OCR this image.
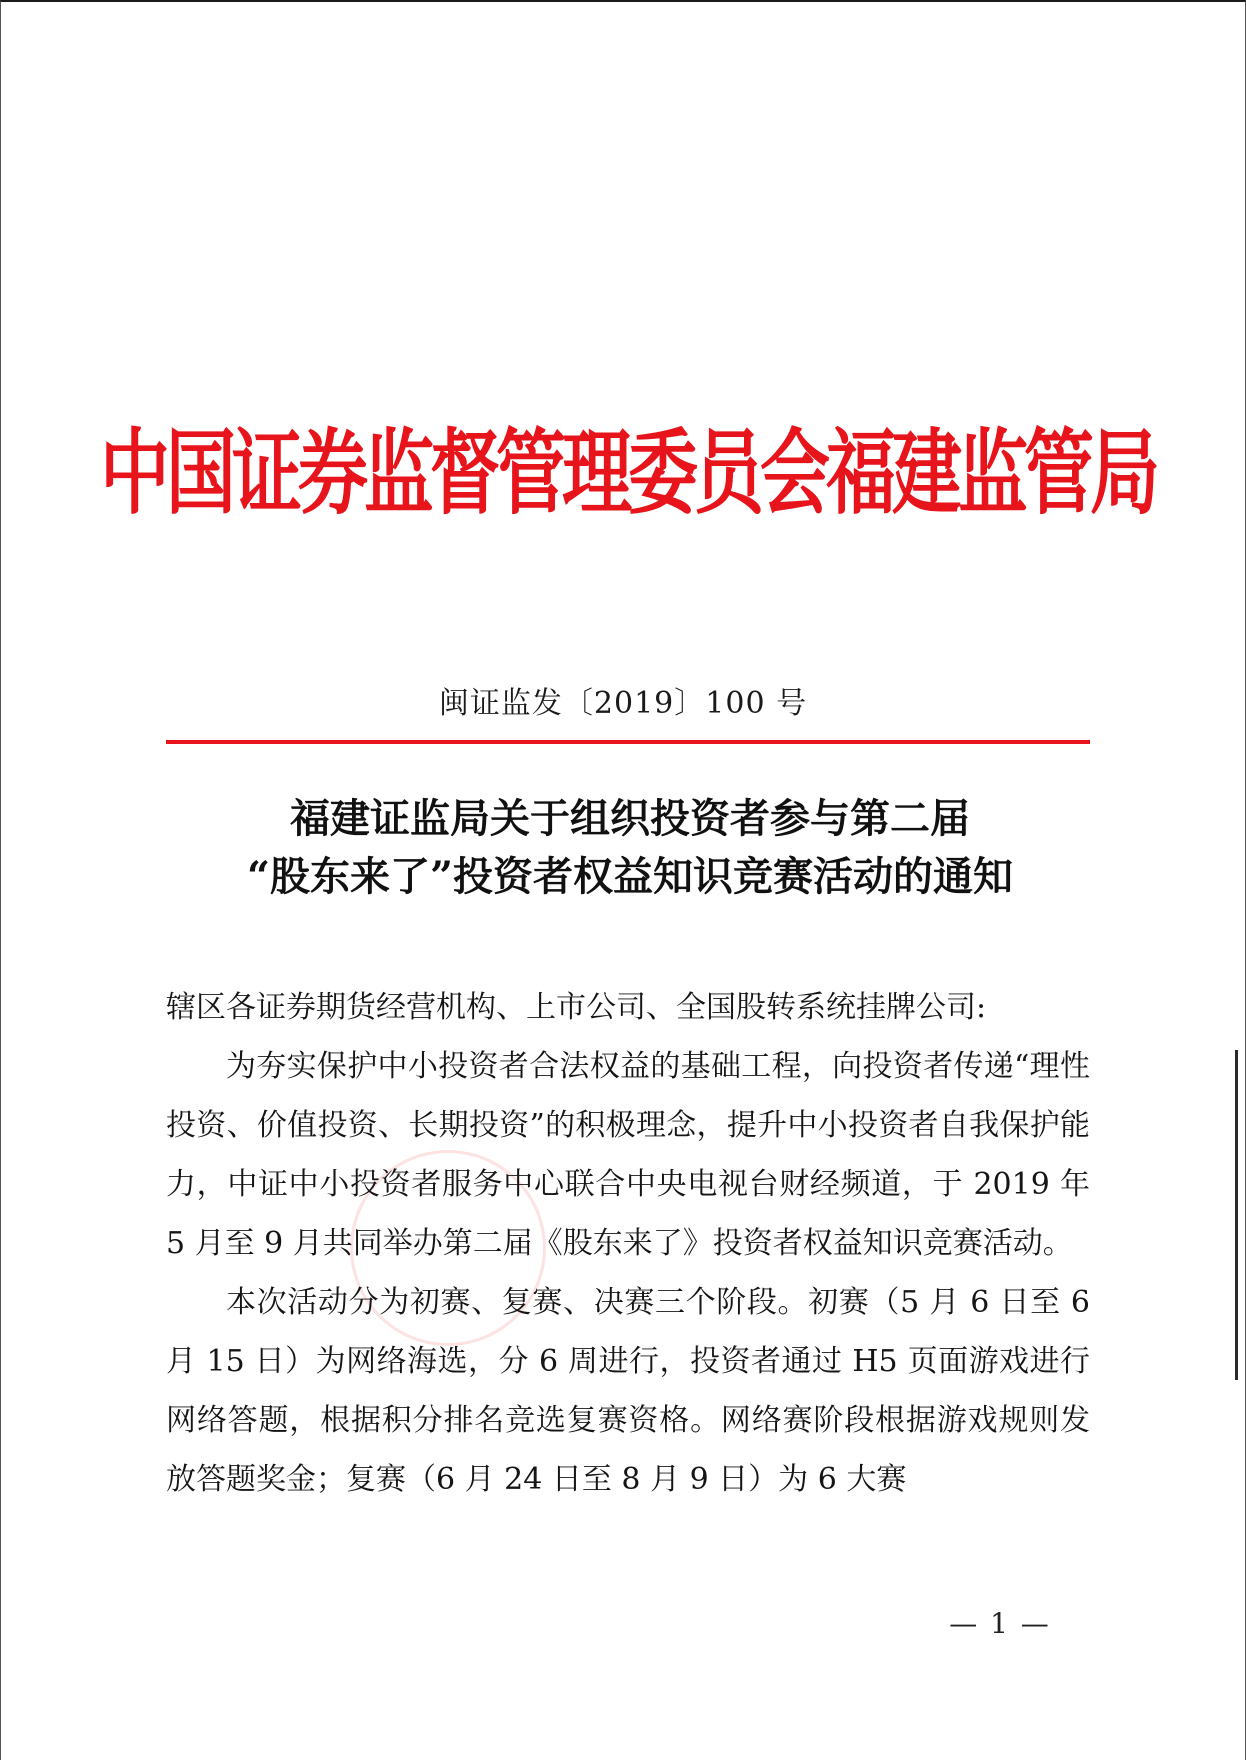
中国证券监督管理委员会福建监管局
闽证监发〔2019〕100 号
福建证监局关于组织投资者参与第二届
“股东来了”投资者权益知识竞赛活动的通知

辖区各证券期货经营机构、上市公司、全国股转系统挂牌公司:

为夯实保护中小投资者合法权益的基础工程，向投资者传递“理性投资、价值投资、长期投资”的积极理念，提升中小投资者自我保护能力，中证中小投资者服务中心联合中央电视台财经频道，于 2019 年 5 月至 9 月共同举办第二届《股东来了》投资者权益知识竞赛活动。

本次活动分为初赛、复赛、决赛三个阶段。初赛（5 月 6 日至 6 月 15 日）为网络海选，分 6 周进行，投资者通过 H5 页面游戏进行网络答题，根据积分排名竞选复赛资格。网络赛阶段根据游戏规则发放答题奖金；复赛（6 月 24 日至 8 月 9 日）为 6 大赛

— 1 —
